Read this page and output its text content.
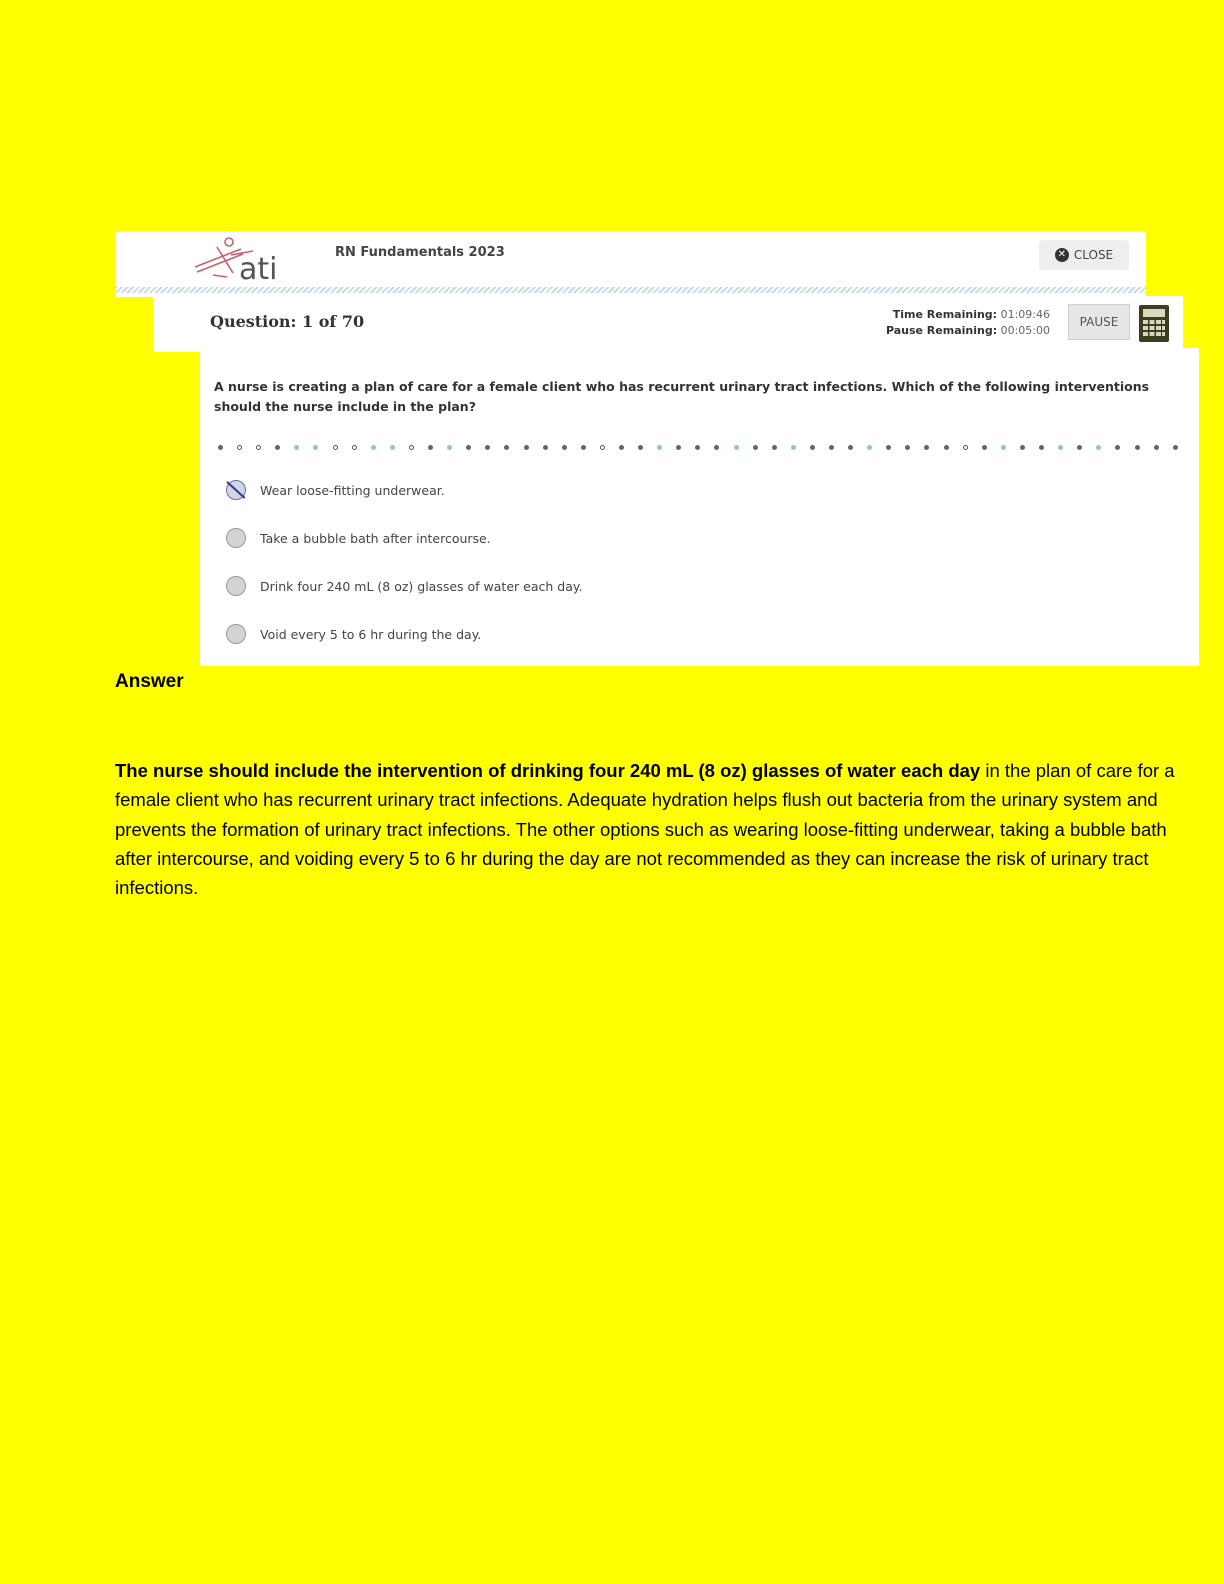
ati	RN Fundamentals 2023	✕ CLOSE
Question: 1 of 70	Time Remaining: 01:09:46
Pause Remaining: 00:05:00
PAUSE
A nurse is creating a plan of care for a female client who has recurrent urinary tract infections. Which of the following interventions should the nurse include in the plan?
Wear loose-fitting underwear.
Take a bubble bath after intercourse.
Drink four 240 mL (8 oz) glasses of water each day.
Void every 5 to 6 hr during the day.
Answer

The nurse should include the intervention of drinking four 240 mL (8 oz) glasses of water each day in the plan of care for a female client who has recurrent urinary tract infections. Adequate hydration helps flush out bacteria from the urinary system and prevents the formation of urinary tract infections. The other options such as wearing loose-fitting underwear, taking a bubble bath after intercourse, and voiding every 5 to 6 hr during the day are not recommended as they can increase the risk of urinary tract infections.
